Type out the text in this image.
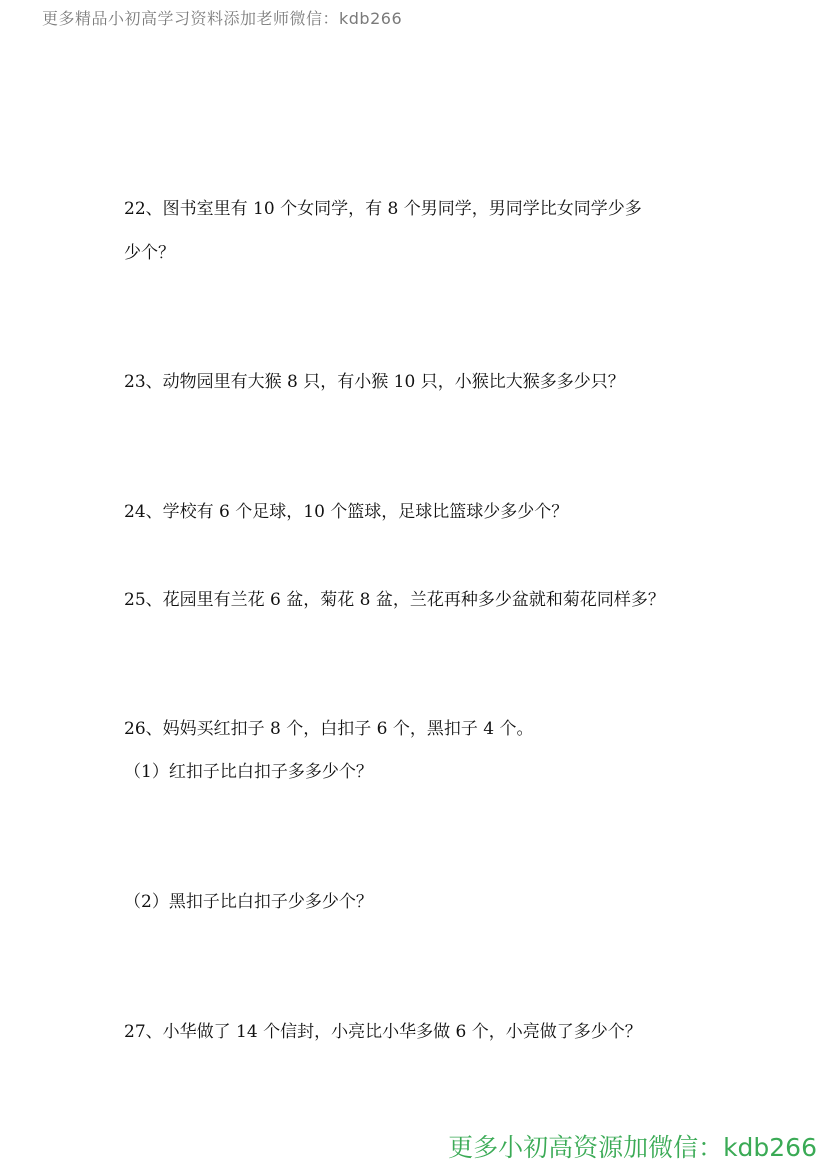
更多精品小初高学习资料添加老师微信：kdb266
22、图书室里有 10 个女同学，有 8 个男同学，男同学比女同学少多
少个？
23、动物园里有大猴 8 只，有小猴 10 只，小猴比大猴多多少只？
24、学校有 6 个足球，10 个篮球，足球比篮球少多少个？
25、花园里有兰花 6 盆，菊花 8 盆，兰花再种多少盆就和菊花同样多？
26、妈妈买红扣子 8 个，白扣子 6 个，黑扣子 4 个。
（1）红扣子比白扣子多多少个？
（2）黑扣子比白扣子少多少个？
27、小华做了 14 个信封，小亮比小华多做 6 个，小亮做了多少个？
更多小初高资源加微信：kdb266
